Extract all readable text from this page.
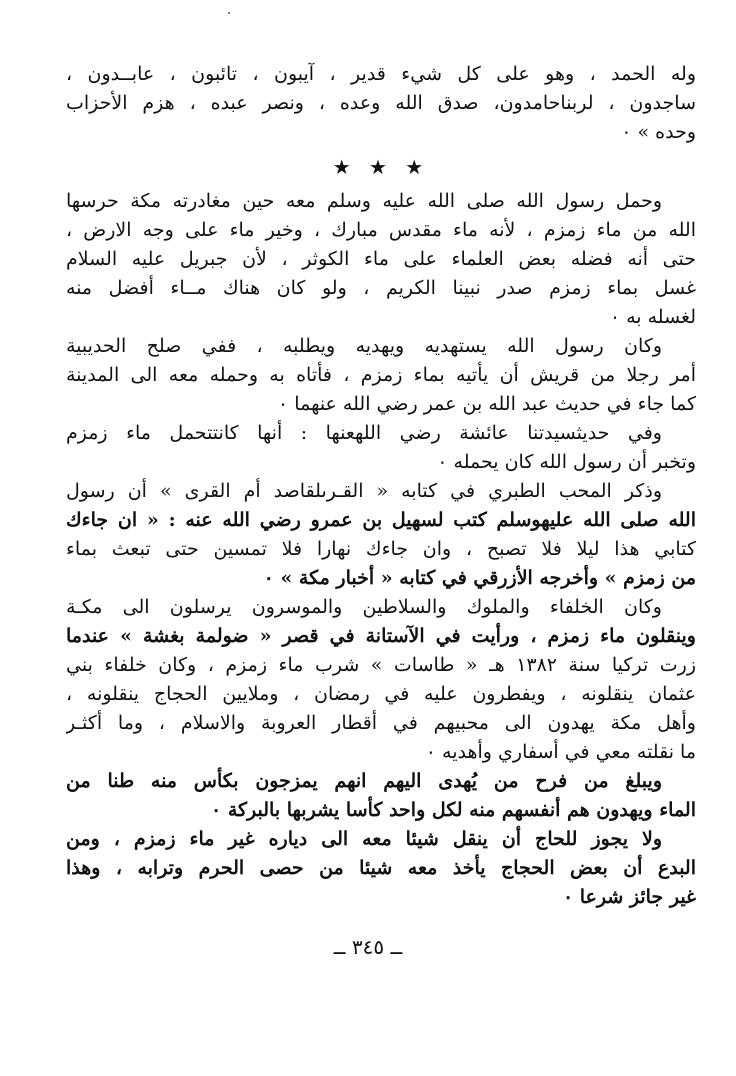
وله الحمد ، وهو على كل شيء قدير ، آيبون ، تائبون ، عابــدون ،
ساجدون ، لربناحامدون، صدق الله وعده ، ونصر عبده ، هزم الأحزاب
وحده » ٠
★ ★ ★
وحمل رسول الله صلى الله عليه وسلم معه حين مغادرته مكة حرسها
الله من ماء زمزم ، لأنه ماء مقدس مبارك ، وخير ماء على وجه الارض ،
حتى أنه فضله بعض العلماء على ماء الكوثر ، لأن جبريل عليه السلام
غسل بماء زمزم صدر نبينا الكريم ، ولو كان هناك مــاء أفضل منه
لغسله به ٠
وكان رسول الله يستهديه ويهديه ويطلبه ، ففي صلح الحديبية
أمر رجلا من قريش أن يأتيه بماء زمزم ، فأتاه به وحمله معه الى المدينة
كما جاء في حديث عبد الله بن عمر رضي الله عنهما ٠
وفي حديثسيدتنا عائشة رضي اللهعنها : أنها كانتتحمل ماء زمزم
وتخبر أن رسول الله كان يحمله ٠
وذكر المحب الطبري في كتابه « القـرىلقاصد أم القرى » أن رسول
الله صلى الله عليهوسلم كتب لسهيل بن عمرو رضي الله عنه : « ان جاءك
كتابي هذا ليلا فلا تصبح ، وان جاءك نهارا فلا تمسين حتى تبعث بماء
من زمزم » وأخرجه الأزرقي في كتابه « أخبار مكة » ٠
وكان الخلفاء والملوك والسلاطين والموسرون يرسلون الى مكـة
وينقلون ماء زمزم ، ورأيت في الآستانة في قصر « ضولمة بغشة » عندما
زرت تركيا سنة ١٣٨٢ هـ « طاسات » شرب ماء زمزم ، وكان خلفاء بني
عثمان ينقلونه ، ويفطرون عليه في رمضان ، وملايين الحجاج ينقلونه ،
وأهل مكة يهدون الى محبيهم في أقطار العروبة والاسلام ، وما أكثـر
ما نقلته معي في أسفاري وأهديه ٠
ويبلغ من فرح من يُهدى اليهم انهم يمزجون بكأس منه طنا من
الماء ويهدون هم أنفسهم منه لكل واحد كأسا يشربها بالبركة ٠
ولا يجوز للحاج أن ينقل شيئا معه الى دياره غير ماء زمزم ، ومن
البدع أن بعض الحجاج يأخذ معه شيئا من حصى الحرم وترابه ، وهذا
غير جائز شرعا ٠
ــ ٣٤٥ ــ
